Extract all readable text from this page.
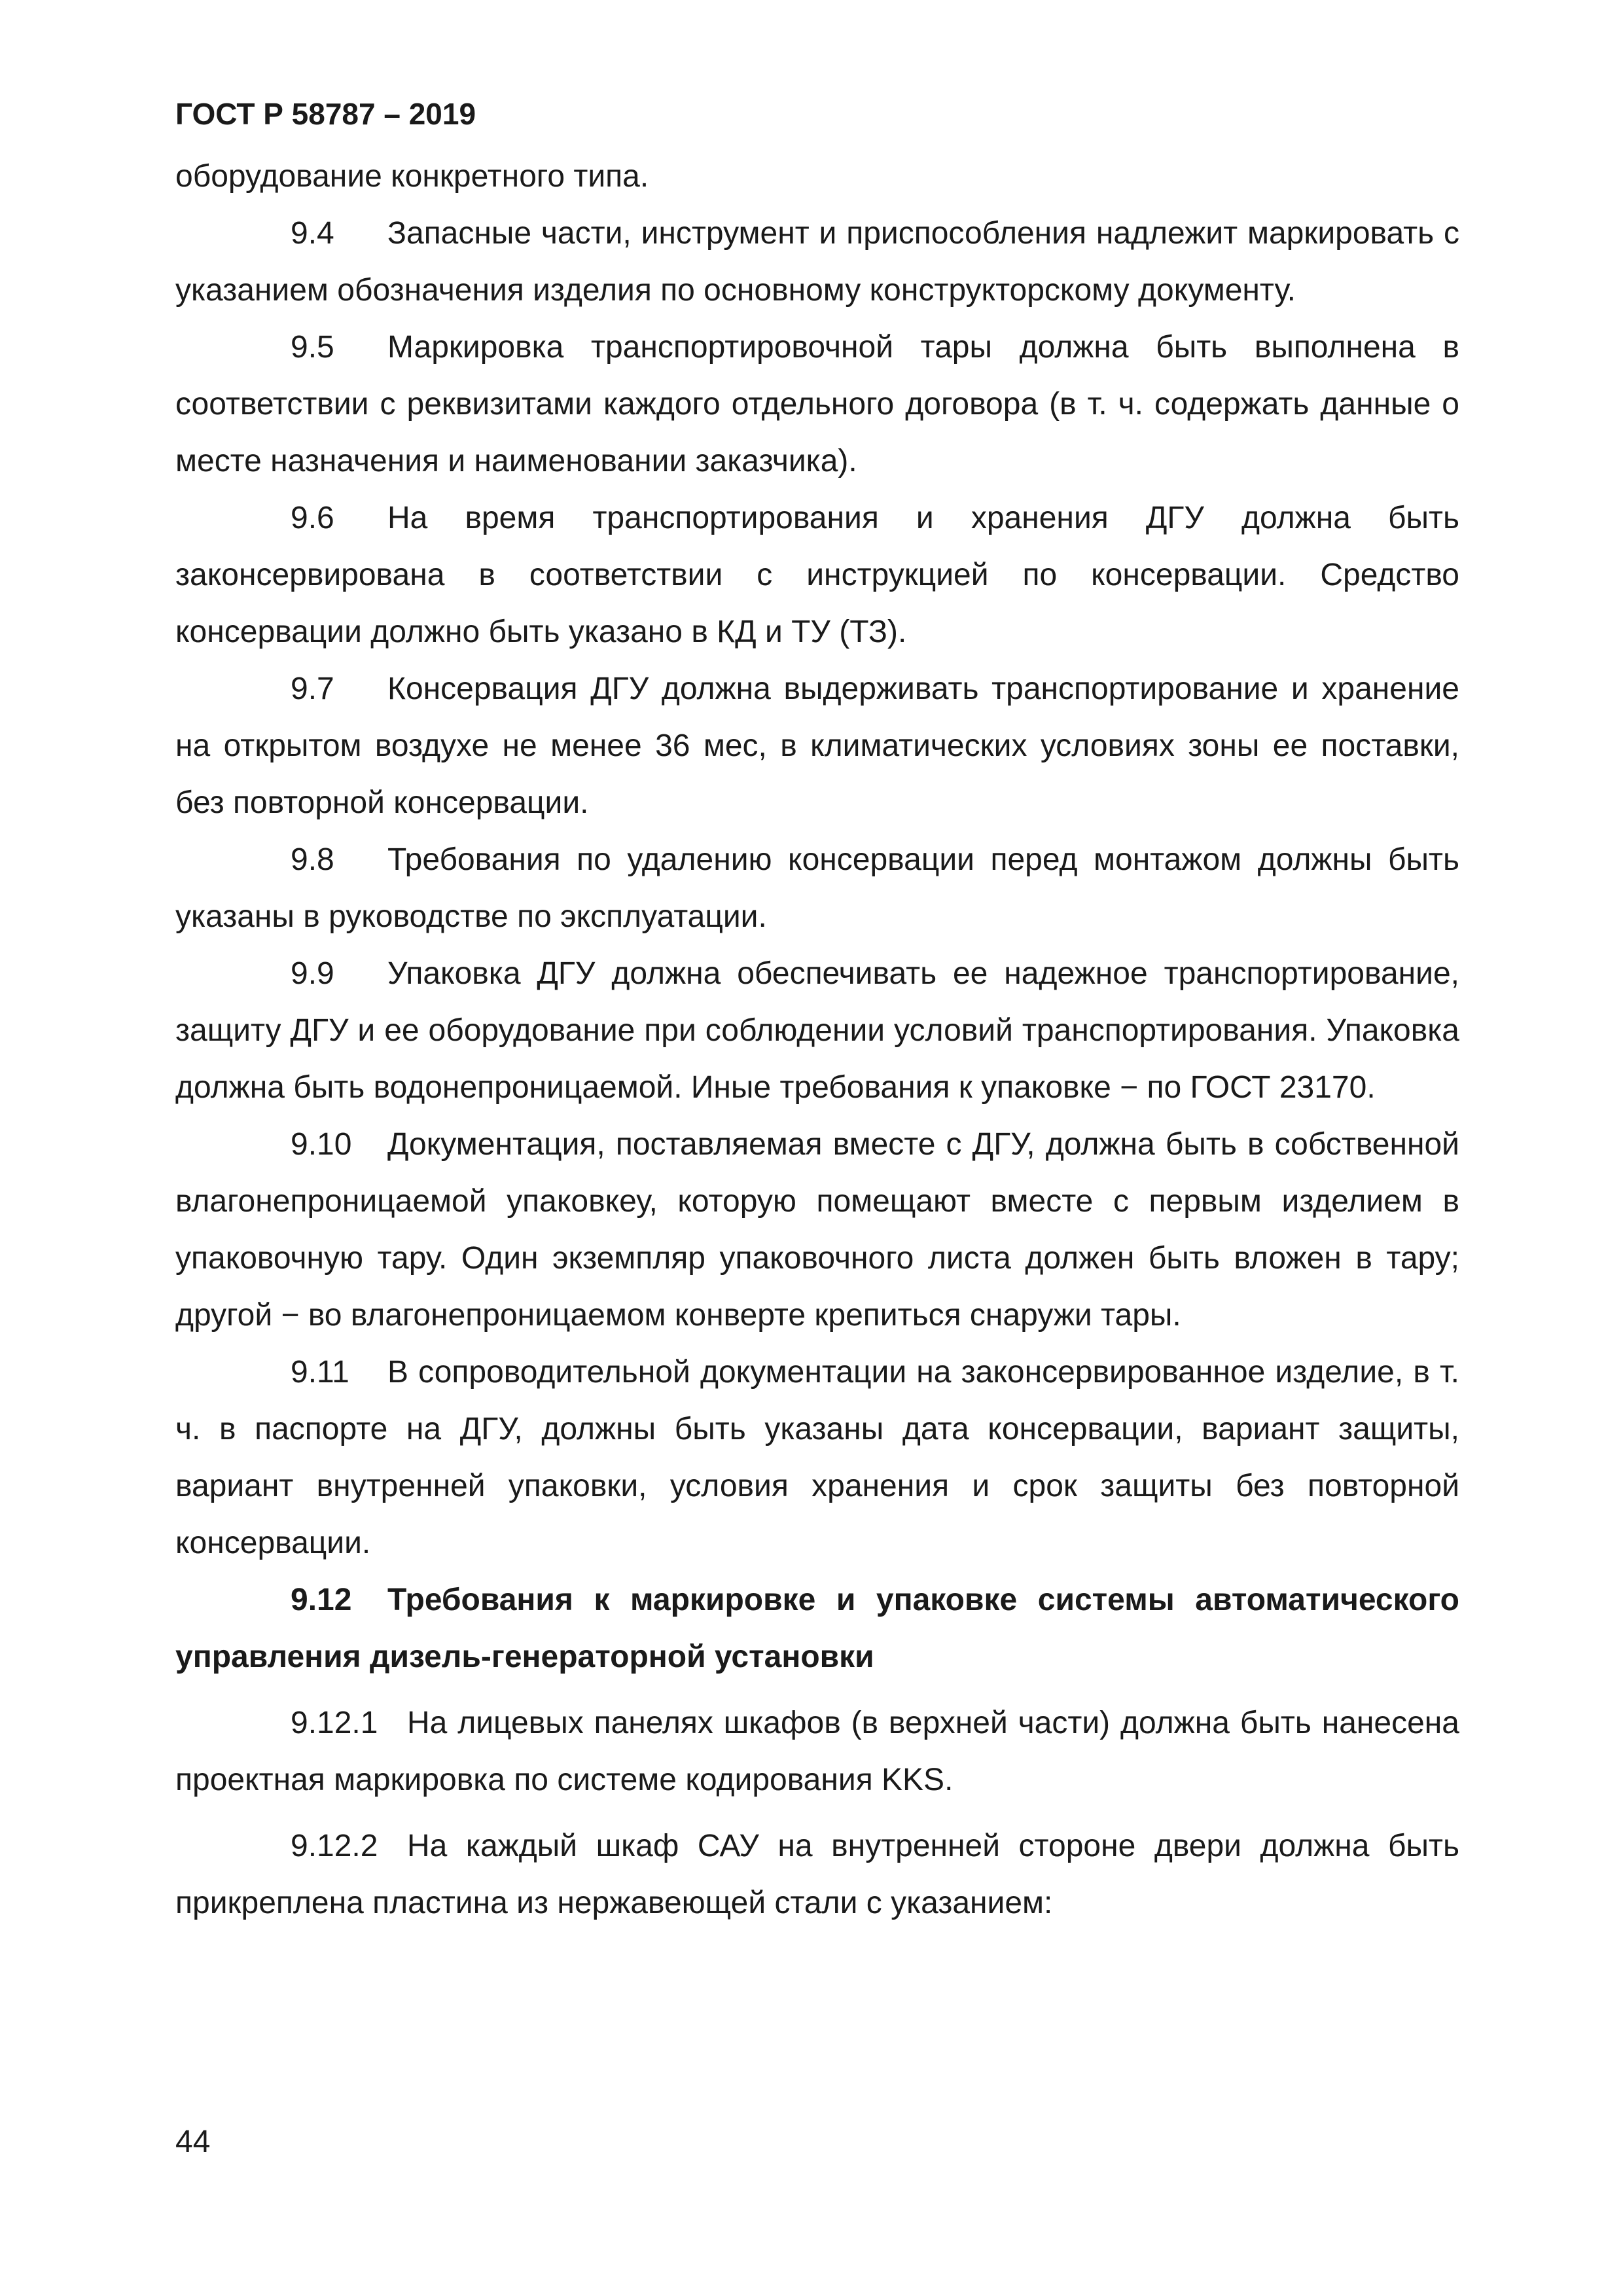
ГОСТ Р 58787 – 2019

оборудование конкретного типа.

9.4 Запасные части, инструмент и приспособления надлежит маркировать с указанием обозначения изделия по основному конструкторскому документу.

9.5 Маркировка транспортировочной тары должна быть выполнена в соответствии с реквизитами каждого отдельного договора (в т. ч. содержать данные о месте назначения и наименовании заказчика).

9.6 На время транспортирования и хранения ДГУ должна быть законсервирована в соответствии с инструкцией по консервации. Средство консервации должно быть указано в КД и ТУ (ТЗ).

9.7 Консервация ДГУ должна выдерживать транспортирование и хранение на открытом воздухе не менее 36 мес, в климатических условиях зоны ее поставки, без повторной консервации.

9.8 Требования по удалению консервации перед монтажом должны быть указаны в руководстве по эксплуатации.

9.9 Упаковка ДГУ должна обеспечивать ее надежное транспортирование, защиту ДГУ и ее оборудование при соблюдении условий транспортирования. Упаковка должна быть водонепроницаемой. Иные требования к упаковке − по ГОСТ 23170.

9.10 Документация, поставляемая вместе с ДГУ, должна быть в собственной влагонепроницаемой упаковкеу, которую помещают вместе с первым изделием в упаковочную тару. Один экземпляр упаковочного листа должен быть вложен в тару; другой − во влагонепроницаемом конверте крепиться снаружи тары.

9.11 В сопроводительной документации на законсервированное изделие, в т. ч. в паспорте на ДГУ, должны быть указаны дата консервации, вариант защиты, вариант внутренней упаковки, условия хранения и срок защиты без повторной консервации.

9.12 Требования к маркировке и упаковке системы автоматического управления дизель-генераторной установки

9.12.1 На лицевых панелях шкафов (в верхней части) должна быть нанесена проектная маркировка по системе кодирования KKS.

9.12.2 На каждый шкаф САУ на внутренней стороне двери должна быть прикреплена пластина из нержавеющей стали с указанием:

44
